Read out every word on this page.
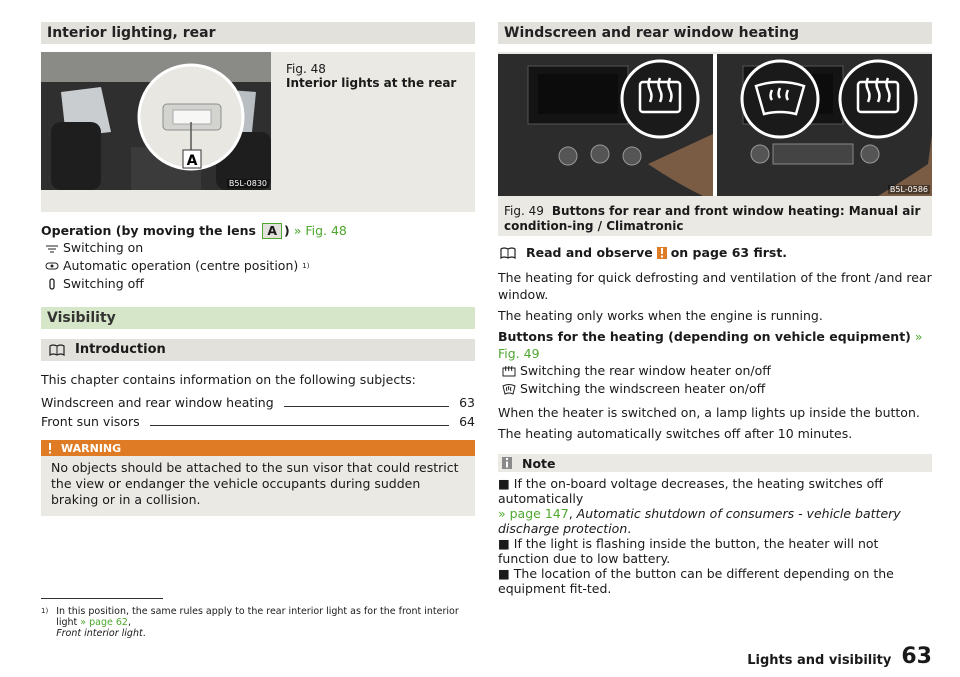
Interior lighting, rear
A
B5L-0830
Fig. 48
Interior lights at the rear
Operation (by moving the lens A ) » Fig. 48
Switching on
Automatic operation (centre position) 1)
Switching off
Visibility
Introduction
This chapter contains information on the following subjects:
Windscreen and rear window heating	63
Front sun visors	64
WARNING
No objects should be attached to the sun visor that could restrict the view or endanger the vehicle occupants during sudden braking or in a collision.
Windscreen and rear window heating
B5L-0586
Fig. 49 Buttons for rear and front window heating: Manual air condition-ing / Climatronic
Read and observe on page 63 first.
The heating for quick defrosting and ventilation of the front /and rear window.
The heating only works when the engine is running.
Buttons for the heating (depending on vehicle equipment) » Fig. 49
Switching the rear window heater on/off
Switching the windscreen heater on/off
When the heater is switched on, a lamp lights up inside the button.
The heating automatically switches off after 10 minutes.
Note
■ If the on-board voltage decreases, the heating switches off automatically
» page 147, Automatic shutdown of consumers - vehicle battery discharge protection.
■ If the light is flashing inside the button, the heater will not function due to low battery.
■ The location of the button can be different depending on the equipment fit-ted.
1) In this position, the same rules apply to the rear interior light as for the front interior light » page 62,
Front interior light.
Lights and visibility 63
